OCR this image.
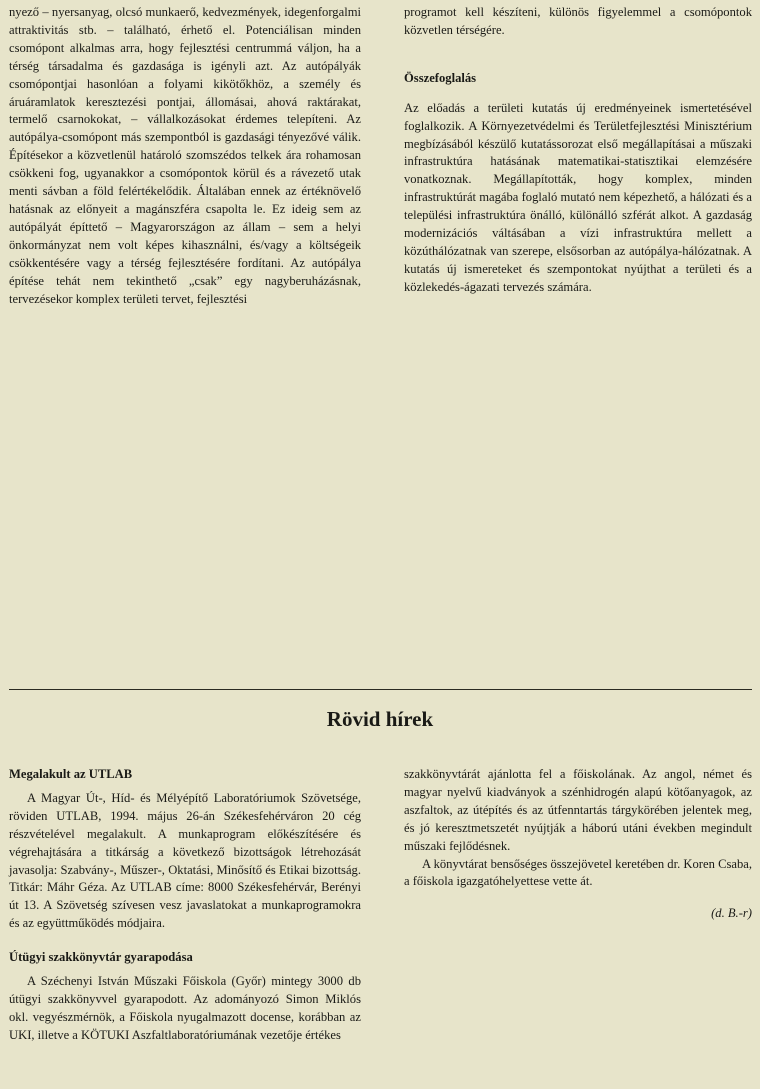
nyező – nyersanyag, olcsó munkaerő, kedvezmények, idegenforgalmi attraktivitás stb. – található, érhető el. Potenciálisan minden csomópont alkalmas arra, hogy fejlesztési centrummá váljon, ha a térség társadalma és gazdasága is igényli azt. Az autópályák csomópontjai hasonlóan a folyami kikötőkhöz, a személy és áruáramlatok keresztezési pontjai, állomásai, ahová raktárakat, termelő csarnokokat, – vállalkozásokat érdemes telepíteni. Az autópálya-csomópont más szempontból is gazdasági tényezővé válik. Építésekor a közvetlenül határoló szomszédos telkek ára rohamosan csökkeni fog, ugyanakkor a csomópontok körül és a rávezető utak menti sávban a föld felértékelődik. Általában ennek az értéknövelő hatásnak az előnyeit a magánszféra csapolta le. Ez ideig sem az autópályát építtető – Magyarországon az állam – sem a helyi önkormányzat nem volt képes kihasználni, és/vagy a költségeik csökkentésére vagy a térség fejlesztésére fordítani. Az autópálya építése tehát nem tekinthető „csak” egy nagyberuházásnak, tervezésekor komplex területi tervet, fejlesztési

programot kell készíteni, különös figyelemmel a csomópontok közvetlen térségére.

Összefoglalás

Az előadás a területi kutatás új eredményeinek ismertetésével foglalkozik. A Környezetvédelmi és Területfejlesztési Minisztérium megbízásából készülő kutatássorozat első megállapításai a műszaki infrastruktúra hatásának matematikai-statisztikai elemzésére vonatkoznak. Megállapították, hogy komplex, minden infrastruktúrát magába foglaló mutató nem képezhető, a hálózati és a települési infrastruktúra önálló, különálló szférát alkot. A gazdaság modernizációs váltásában a vízi infrastruktúra mellett a közúthálózatnak van szerepe, elsősorban az autópálya-hálózatnak. A kutatás új ismereteket és szempontokat nyújthat a területi és a közlekedés-ágazati tervezés számára.

Rövid hírek

Megalakult az UTLAB

A Magyar Út-, Híd- és Mélyépítő Laboratóriumok Szövetsége, röviden UTLAB, 1994. május 26-án Székesfehérváron 20 cég részvételével megalakult. A munkaprogram előkészítésére és végrehajtására a titkárság a következő bizottságok létrehozását javasolja: Szabvány-, Műszer-, Oktatási, Minősítő és Etikai bizottság. Titkár: Máhr Géza. Az UTLAB címe: 8000 Székesfehérvár, Berényi út 13. A Szövetség szívesen vesz javaslatokat a munkaprogramokra és az együttműködés módjaira.

Útügyi szakkönyvtár gyarapodása

A Széchenyi István Műszaki Főiskola (Győr) mintegy 3000 db útügyi szakkönyvvel gyarapodott. Az adományozó Simon Miklós okl. vegyészmérnök, a Főiskola nyugalmazott docense, korábban az UKI, illetve a KÖTUKI Aszfaltlaboratóriumának vezetője értékes

szakkönyvtárát ajánlotta fel a főiskolának. Az angol, német és magyar nyelvű kiadványok a szénhidrogén alapú kötőanyagok, az aszfaltok, az útépítés és az útfenntartás tárgykörében jelentek meg, és jó keresztmetszetét nyújtják a háború utáni években megindult műszaki fejlődésnek.

A könyvtárat bensőséges összejövetel keretében dr. Koren Csaba, a főiskola igazgatóhelyettese vette át.

(d. B.-r)
